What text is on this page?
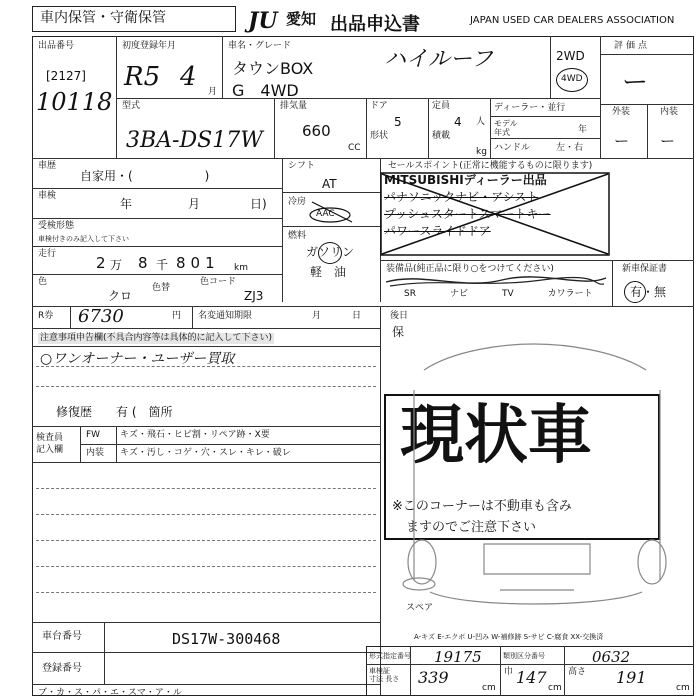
車内保管・守衛保管	JU 愛知 出品申込書	JAPAN USED CAR DEALERS ASSOCIATION
出品番号
[2127]
10118
初度登録年月
R5 4 月
車名・グレード
タウンBOX
G　4WD
ハイルーフ	2WD
4WD
評価点
ー
外装	内装
ー ー
型式
3BA-DS17W
排気量
660
CC
ドア
5
形状
定員
4 人
積載
kg
ディーラー・並行
モデル
年式	年
ハンドル	左・右
車歴
自家用・(　　　　　　)
車検
年	月	日)
受検形態
車検付きのみ記入して下さい
走行	2 万 8 千 801 km
色
クロ
色替
色コード
ZJ3
シフト
AT
冷房
AAC
燃料
ガソリン
軽　油
セールスポイント(正常に機能するものに限ります)
MITSUBISHIディーラー出品
パナソニックナビ・アシスト
プッシュスタートスマートキー
パワースライドドア
装備品(純正品に限り○をつけてください)
SR	ナビ	TV	カワラート
新車保証書
有・無
R券 6730	円 名変通知期限	月	日	後日
保
注意事項申告欄(不具合内容等は具体的に記入して下さい)
○ワンオーナー・ユーザー買取
修復歴　　有 (　箇所
検査員
記入欄
FW キズ・飛石・ヒビ割・リペア跡・X要
内装 キズ・汚し・コゲ・穴・スレ・キレ・破レ 現状車
※このコーナーは不動車も含み
ますのでご注意下さい
スペア
A-キズ E-エクボ U-凹み W-補修跡 S-サビ C-腐食 XX-交換済
車台番号	DS17W-300468
登録番号
ブ・カ・ス・パ・エ・スマ・ア・ル
形式指定番号 19175	類別区分番号	0632
車検証
寸法 長さ 339
cm
巾 147
cm
高さ 191
cm
